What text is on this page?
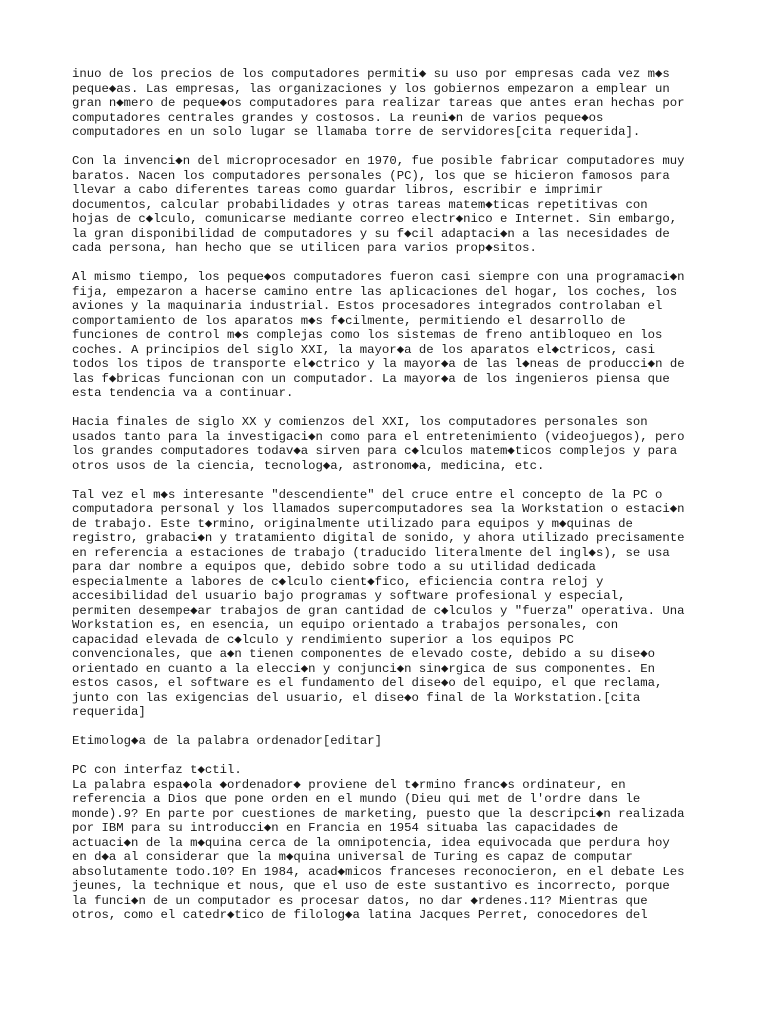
inuo de los precios de los computadores permiti◆ su uso por empresas cada vez m◆s
peque◆as. Las empresas, las organizaciones y los gobiernos empezaron a emplear un
gran n◆mero de peque◆os computadores para realizar tareas que antes eran hechas por
computadores centrales grandes y costosos. La reuni◆n de varios peque◆os
computadores en un solo lugar se llamaba torre de servidores[cita requerida].

Con la invenci◆n del microprocesador en 1970, fue posible fabricar computadores muy
baratos. Nacen los computadores personales (PC), los que se hicieron famosos para
llevar a cabo diferentes tareas como guardar libros, escribir e imprimir
documentos, calcular probabilidades y otras tareas matem◆ticas repetitivas con
hojas de c◆lculo, comunicarse mediante correo electr◆nico e Internet. Sin embargo,
la gran disponibilidad de computadores y su f◆cil adaptaci◆n a las necesidades de
cada persona, han hecho que se utilicen para varios prop◆sitos.

Al mismo tiempo, los peque◆os computadores fueron casi siempre con una programaci◆n
fija, empezaron a hacerse camino entre las aplicaciones del hogar, los coches, los
aviones y la maquinaria industrial. Estos procesadores integrados controlaban el
comportamiento de los aparatos m◆s f◆cilmente, permitiendo el desarrollo de
funciones de control m◆s complejas como los sistemas de freno antibloqueo en los
coches. A principios del siglo XXI, la mayor◆a de los aparatos el◆ctricos, casi
todos los tipos de transporte el◆ctrico y la mayor◆a de las l◆neas de producci◆n de
las f◆bricas funcionan con un computador. La mayor◆a de los ingenieros piensa que
esta tendencia va a continuar.

Hacia finales de siglo XX y comienzos del XXI, los computadores personales son
usados tanto para la investigaci◆n como para el entretenimiento (videojuegos), pero
los grandes computadores todav◆a sirven para c◆lculos matem◆ticos complejos y para
otros usos de la ciencia, tecnolog◆a, astronom◆a, medicina, etc.

Tal vez el m◆s interesante "descendiente" del cruce entre el concepto de la PC o
computadora personal y los llamados supercomputadores sea la Workstation o estaci◆n
de trabajo. Este t◆rmino, originalmente utilizado para equipos y m◆quinas de
registro, grabaci◆n y tratamiento digital de sonido, y ahora utilizado precisamente
en referencia a estaciones de trabajo (traducido literalmente del ingl◆s), se usa
para dar nombre a equipos que, debido sobre todo a su utilidad dedicada
especialmente a labores de c◆lculo cient◆fico, eficiencia contra reloj y
accesibilidad del usuario bajo programas y software profesional y especial,
permiten desempe◆ar trabajos de gran cantidad de c◆lculos y "fuerza" operativa. Una
Workstation es, en esencia, un equipo orientado a trabajos personales, con
capacidad elevada de c◆lculo y rendimiento superior a los equipos PC
convencionales, que a◆n tienen componentes de elevado coste, debido a su dise◆o
orientado en cuanto a la elecci◆n y conjunci◆n sin◆rgica de sus componentes. En
estos casos, el software es el fundamento del dise◆o del equipo, el que reclama,
junto con las exigencias del usuario, el dise◆o final de la Workstation.[cita
requerida]

Etimolog◆a de la palabra ordenador[editar]

PC con interfaz t◆ctil.
La palabra espa◆ola ◆ordenador◆ proviene del t◆rmino franc◆s ordinateur, en
referencia a Dios que pone orden en el mundo (Dieu qui met de l'ordre dans le
monde).9? En parte por cuestiones de marketing, puesto que la descripci◆n realizada
por IBM para su introducci◆n en Francia en 1954 situaba las capacidades de
actuaci◆n de la m◆quina cerca de la omnipotencia, idea equivocada que perdura hoy
en d◆a al considerar que la m◆quina universal de Turing es capaz de computar
absolutamente todo.10? En 1984, acad◆micos franceses reconocieron, en el debate Les
jeunes, la technique et nous, que el uso de este sustantivo es incorrecto, porque
la funci◆n de un computador es procesar datos, no dar ◆rdenes.11? Mientras que
otros, como el catedr◆tico de filolog◆a latina Jacques Perret, conocedores del
